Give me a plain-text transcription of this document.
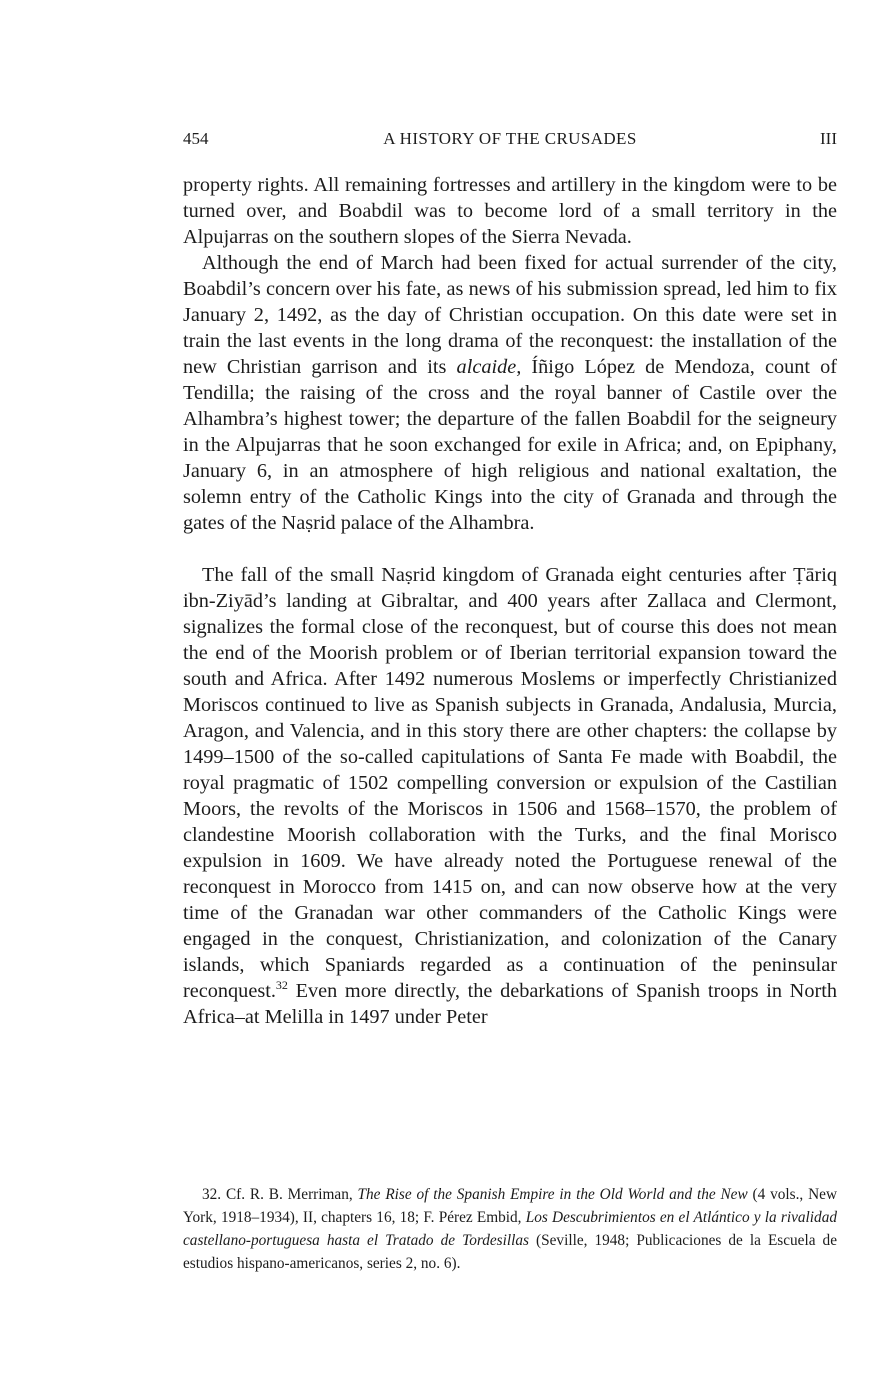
454	A HISTORY OF THE CRUSADES	III

property rights. All remaining fortresses and artillery in the kingdom were to be turned over, and Boabdil was to become lord of a small territory in the Alpujarras on the southern slopes of the Sierra Nevada.

Although the end of March had been fixed for actual surrender of the city, Boabdil’s concern over his fate, as news of his submission spread, led him to fix January 2, 1492, as the day of Christian occupation. On this date were set in train the last events in the long drama of the reconquest: the installation of the new Christian garrison and its alcaide, Íñigo López de Mendoza, count of Tendilla; the raising of the cross and the royal banner of Castile over the Alhambra’s highest tower; the departure of the fallen Boabdil for the seigneury in the Alpujarras that he soon exchanged for exile in Africa; and, on Epiphany, January 6, in an atmosphere of high religious and national exaltation, the solemn entry of the Catholic Kings into the city of Granada and through the gates of the Naṣrid palace of the Alhambra.

The fall of the small Naṣrid kingdom of Granada eight centuries after Ṭāriq ibn-Ziyād’s landing at Gibraltar, and 400 years after Zallaca and Clermont, signalizes the formal close of the reconquest, but of course this does not mean the end of the Moorish problem or of Iberian territorial expansion toward the south and Africa. After 1492 numerous Moslems or imperfectly Christianized Moriscos continued to live as Spanish subjects in Granada, Andalusia, Murcia, Aragon, and Valencia, and in this story there are other chapters: the collapse by 1499–1500 of the so-called capitulations of Santa Fe made with Boabdil, the royal pragmatic of 1502 compelling conversion or expulsion of the Castilian Moors, the revolts of the Moriscos in 1506 and 1568–1570, the problem of clandestine Moorish collaboration with the Turks, and the final Morisco expulsion in 1609. We have already noted the Portuguese renewal of the reconquest in Morocco from 1415 on, and can now observe how at the very time of the Granadan war other commanders of the Catholic Kings were engaged in the conquest, Christianization, and colonization of the Canary islands, which Spaniards regarded as a continuation of the peninsular reconquest.$^{32}$ Even more directly, the debarkations of Spanish troops in North Africa–at Melilla in 1497 under Peter

32. Cf. R. B. Merriman, The Rise of the Spanish Empire in the Old World and the New (4 vols., New York, 1918–1934), II, chapters 16, 18; F. Pérez Embid, Los Descubrimientos en el Atlántico y la rivalidad castellano-portuguesa hasta el Tratado de Tordesillas (Seville, 1948; Publicaciones de la Escuela de estudios hispano-americanos, series 2, no. 6).
